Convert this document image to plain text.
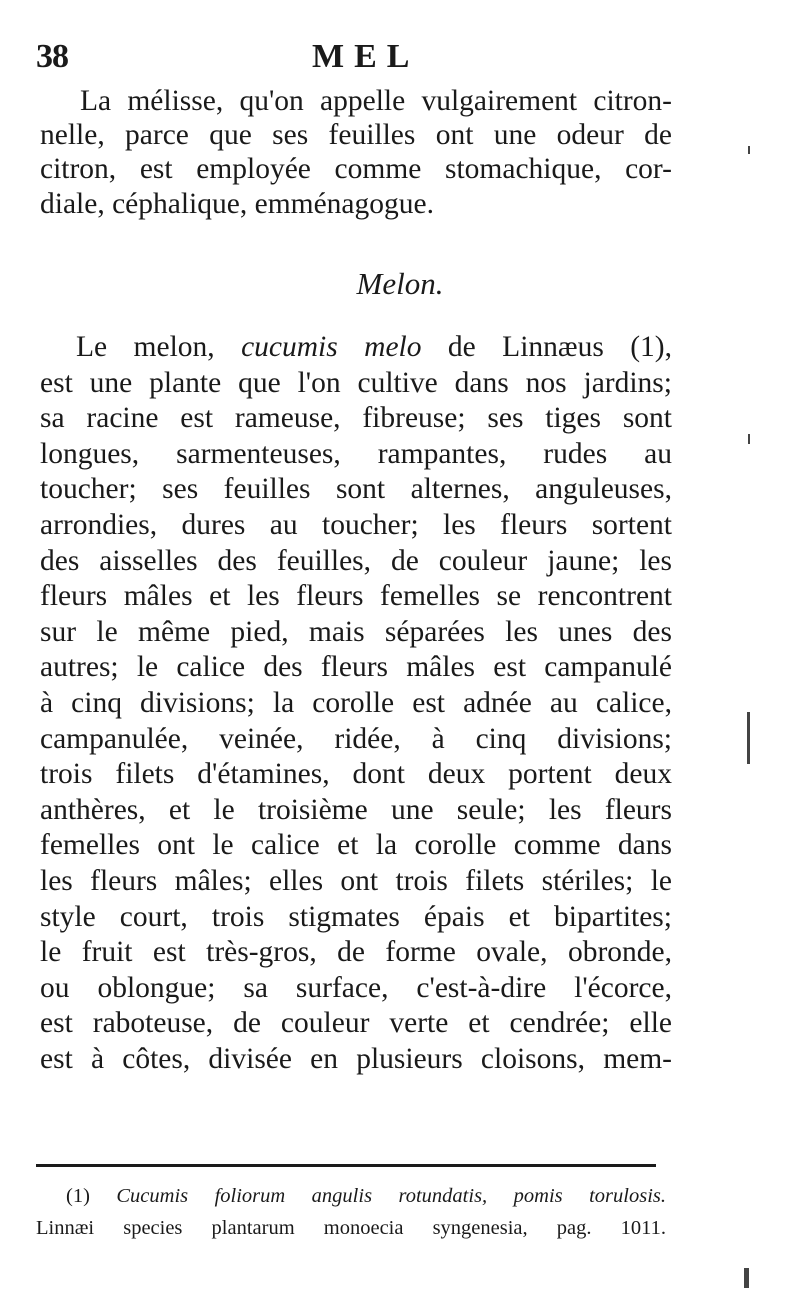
38	MEL
La mélisse, qu'on appelle vulgairement citron-
nelle, parce que ses feuilles ont une odeur de
citron, est employée comme stomachique, cor-
diale, céphalique, emménagogue.
Melon.
Le melon, cucumis melo de Linnæus (1),
est une plante que l'on cultive dans nos jardins;
sa racine est rameuse, fibreuse; ses tiges sont
longues, sarmenteuses, rampantes, rudes au
toucher; ses feuilles sont alternes, anguleuses,
arrondies, dures au toucher; les fleurs sortent
des aisselles des feuilles, de couleur jaune; les
fleurs mâles et les fleurs femelles se rencontrent
sur le même pied, mais séparées les unes des
autres; le calice des fleurs mâles est campanulé
à cinq divisions; la corolle est adnée au calice,
campanulée, veinée, ridée, à cinq divisions;
trois filets d'étamines, dont deux portent deux
anthères, et le troisième une seule; les fleurs
femelles ont le calice et la corolle comme dans
les fleurs mâles; elles ont trois filets stériles; le
style court, trois stigmates épais et bipartites;
le fruit est très-gros, de forme ovale, obronde,
ou oblongue; sa surface, c'est-à-dire l'écorce,
est raboteuse, de couleur verte et cendrée; elle
est à côtes, divisée en plusieurs cloisons, mem-
(1) Cucumis foliorum angulis rotundatis, pomis torulosis.
Linnæi species plantarum monoecia syngenesia, pag. 1011.
